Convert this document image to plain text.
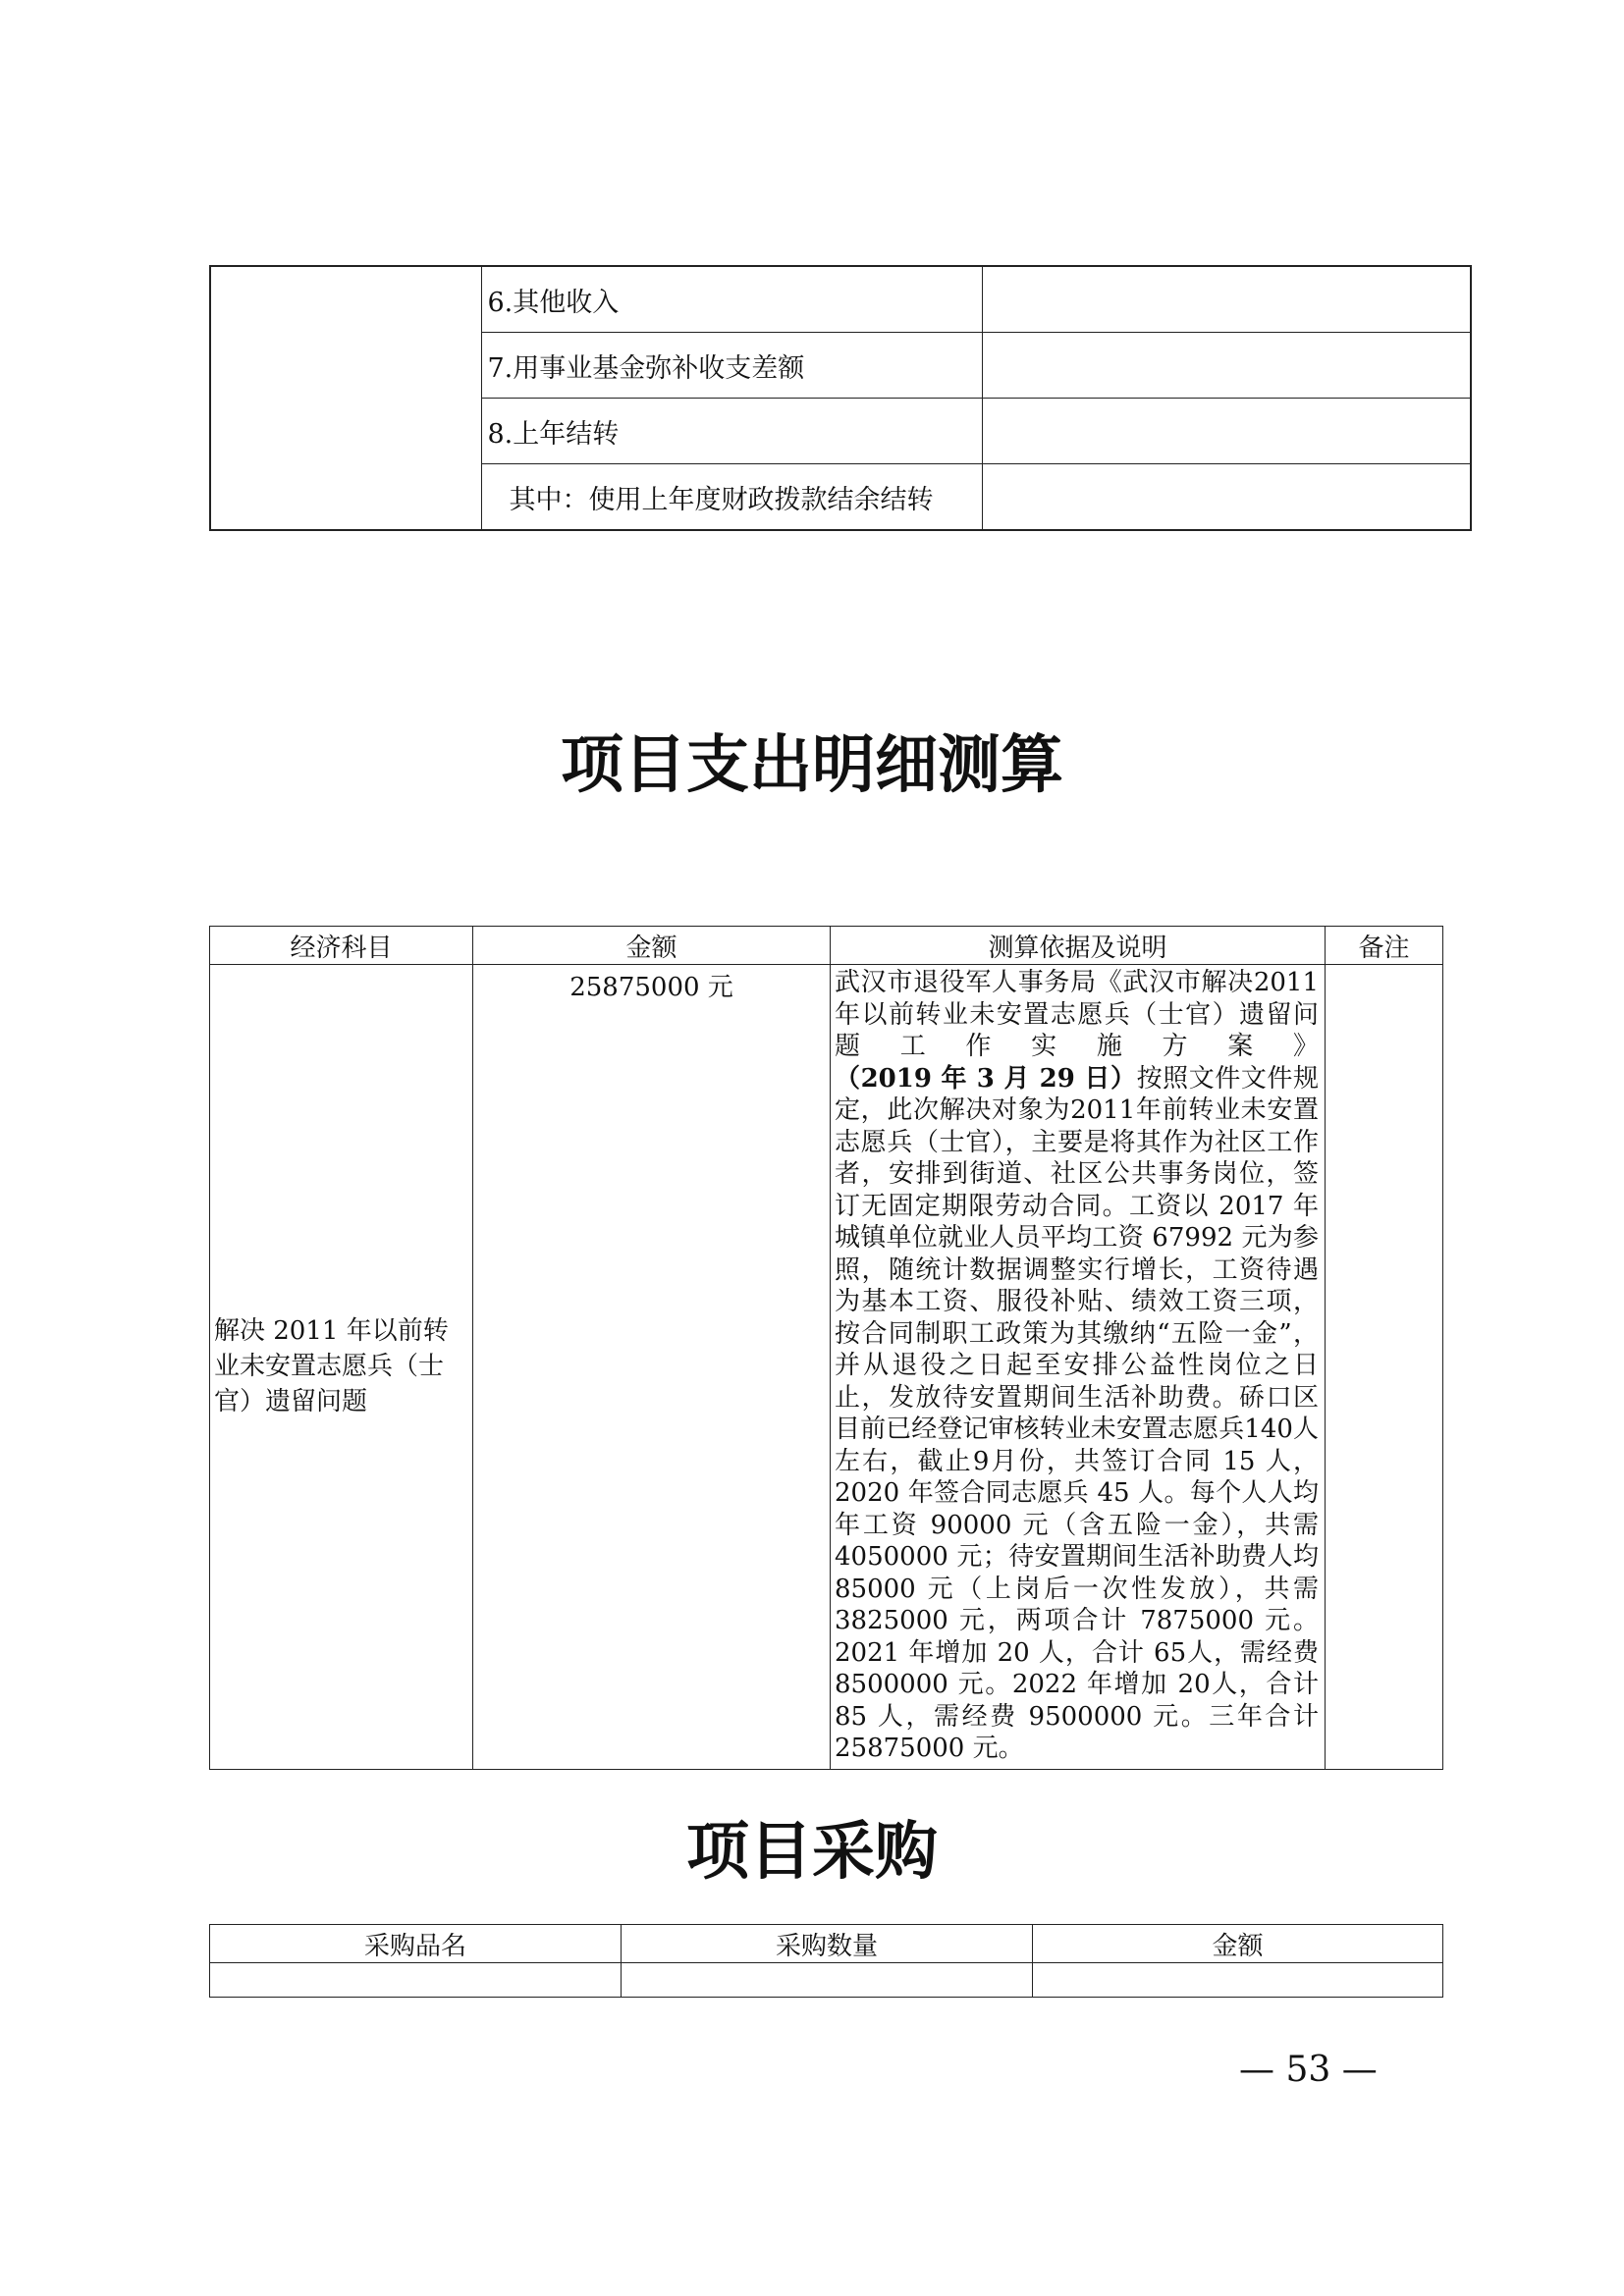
	6.其他收入	
	7.用事业基金弥补收支差额	
	8.上年结转	
	其中：使用上年度财政拨款结余结转	
项目支出明细测算
经济科目	金额	测算依据及说明	备注
解决 2011 年以前转业未安置志愿兵（士官）遗留问题	25875000 元	武汉市退役军人事务局《武汉市解决2011年以前转业未安置志愿兵（士官）遗留问题工作实施方案》（2019 年 3 月 29 日）按照文件文件规定，此次解决对象为2011年前转业未安置志愿兵（士官），主要是将其作为社区工作者，安排到街道、社区公共事务岗位，签订无固定期限劳动合同。工资以 2017 年城镇单位就业人员平均工资 67992 元为参照，随统计数据调整实行增长，工资待遇为基本工资、服役补贴、绩效工资三项，按合同制职工政策为其缴纳“五险一金”，并从退役之日起至安排公益性岗位之日止，发放待安置期间生活补助费。硚口区目前已经登记审核转业未安置志愿兵140人左右，截止9月份，共签订合同 15 人，2020 年签合同志愿兵 45 人。每个人人均年工资 90000 元（含五险一金），共需 4050000 元；待安置期间生活补助费人均 85000 元（上岗后一次性发放），共需 3825000 元，两项合计 7875000 元。2021 年增加 20 人，合计 65人，需经费 8500000 元。2022 年增加 20人，合计 85 人，需经费 9500000 元。三年合计 25875000 元。	
项目采购
采购品名	采购数量	金额

— 53 —
